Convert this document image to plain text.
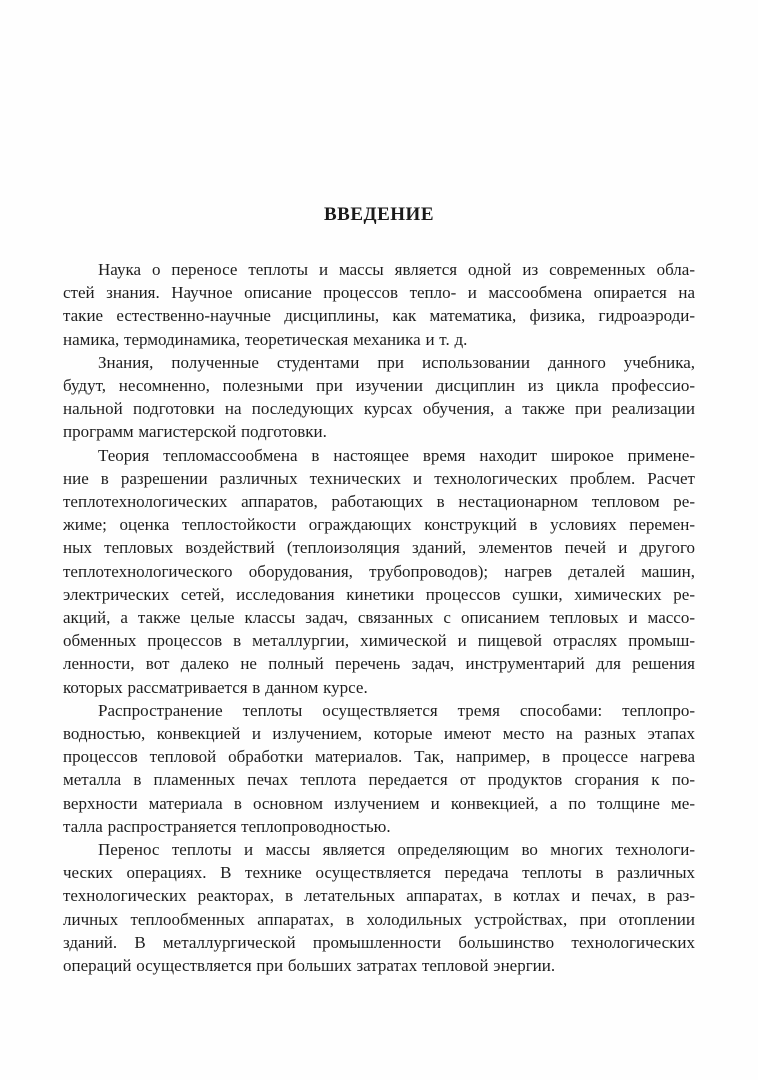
ВВЕДЕНИЕ
Наука о переносе теплоты и массы является одной из современных обла-
стей знания. Научное описание процессов тепло- и массообмена опирается на
такие естественно-научные дисциплины, как математика, физика, гидроаэроди-
намика, термодинамика, теоретическая механика и т. д.
Знания, полученные студентами при использовании данного учебника,
будут, несомненно, полезными при изучении дисциплин из цикла профессио-
нальной подготовки на последующих курсах обучения, а также при реализации
программ магистерской подготовки.
Теория тепломассообмена в настоящее время находит широкое примене-
ние в разрешении различных технических и технологических проблем. Расчет
теплотехнологических аппаратов, работающих в нестационарном тепловом ре-
жиме; оценка теплостойкости ограждающих конструкций в условиях перемен-
ных тепловых воздействий (теплоизоляция зданий, элементов печей и другого
теплотехнологического оборудования, трубопроводов); нагрев деталей машин,
электрических сетей, исследования кинетики процессов сушки, химических ре-
акций, а также целые классы задач, связанных с описанием тепловых и массо-
обменных процессов в металлургии, химической и пищевой отраслях промыш-
ленности, вот далеко не полный перечень задач, инструментарий для решения
которых рассматривается в данном курсе.
Распространение теплоты осуществляется тремя способами: теплопро-
водностью, конвекцией и излучением, которые имеют место на разных этапах
процессов тепловой обработки материалов. Так, например, в процессе нагрева
металла в пламенных печах теплота передается от продуктов сгорания к по-
верхности материала в основном излучением и конвекцией, а по толщине ме-
талла распространяется теплопроводностью.
Перенос теплоты и массы является определяющим во многих технологи-
ческих операциях. В технике осуществляется передача теплоты в различных
технологических реакторах, в летательных аппаратах, в котлах и печах, в раз-
личных теплообменных аппаратах, в холодильных устройствах, при отоплении
зданий. В металлургической промышленности большинство технологических
операций осуществляется при больших затратах тепловой энергии.
